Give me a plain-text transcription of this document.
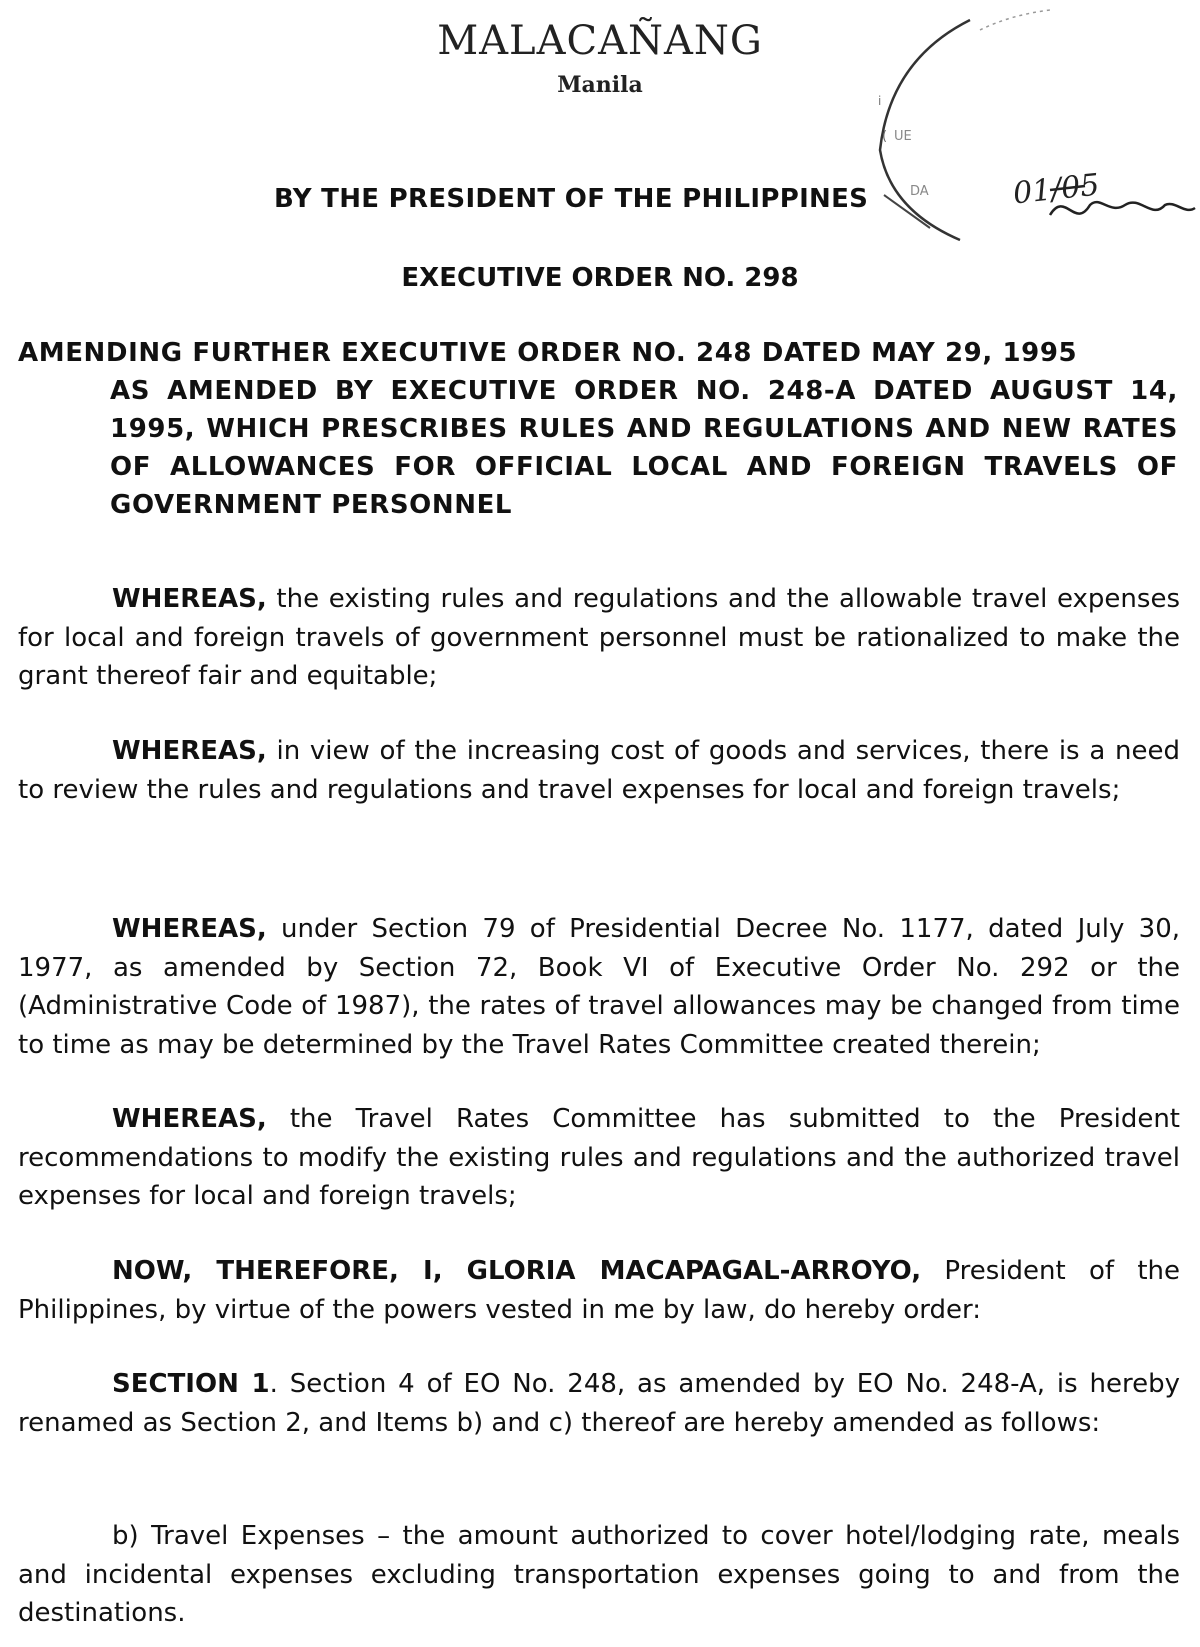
MALACAÑANG
Manila
i
(
DA
UE
01/05
BY THE PRESIDENT OF THE PHILIPPINES
EXECUTIVE ORDER NO. 298

AMENDING FURTHER EXECUTIVE ORDER NO. 248 DATED MAY 29, 1995

AS AMENDED BY EXECUTIVE ORDER NO. 248-A DATED AUGUST 14, 1995, WHICH PRESCRIBES RULES AND REGULATIONS AND NEW RATES OF ALLOWANCES FOR OFFICIAL LOCAL AND FOREIGN TRAVELS OF GOVERNMENT PERSONNEL

WHEREAS, the existing rules and regulations and the allowable travel expenses for local and foreign travels of government personnel must be rationalized to make the grant thereof fair and equitable;

WHEREAS, in view of the increasing cost of goods and services, there is a need to review the rules and regulations and travel expenses for local and foreign travels;

WHEREAS, under Section 79 of Presidential Decree No. 1177, dated July 30, 1977, as amended by Section 72, Book VI of Executive Order No. 292 or the (Administrative Code of 1987), the rates of travel allowances may be changed from time to time as may be determined by the Travel Rates Committee created therein;

WHEREAS, the Travel Rates Committee has submitted to the President recommendations to modify the existing rules and regulations and the authorized travel expenses for local and foreign travels;

NOW, THEREFORE, I, GLORIA MACAPAGAL-ARROYO, President of the Philippines, by virtue of the powers vested in me by law, do hereby order:

SECTION 1. Section 4 of EO No. 248, as amended by EO No. 248-A, is hereby renamed as Section 2, and Items b) and c) thereof are hereby amended as follows:

b) Travel Expenses – the amount authorized to cover hotel/lodging rate, meals and incidental expenses excluding transportation expenses going to and from the destinations.
